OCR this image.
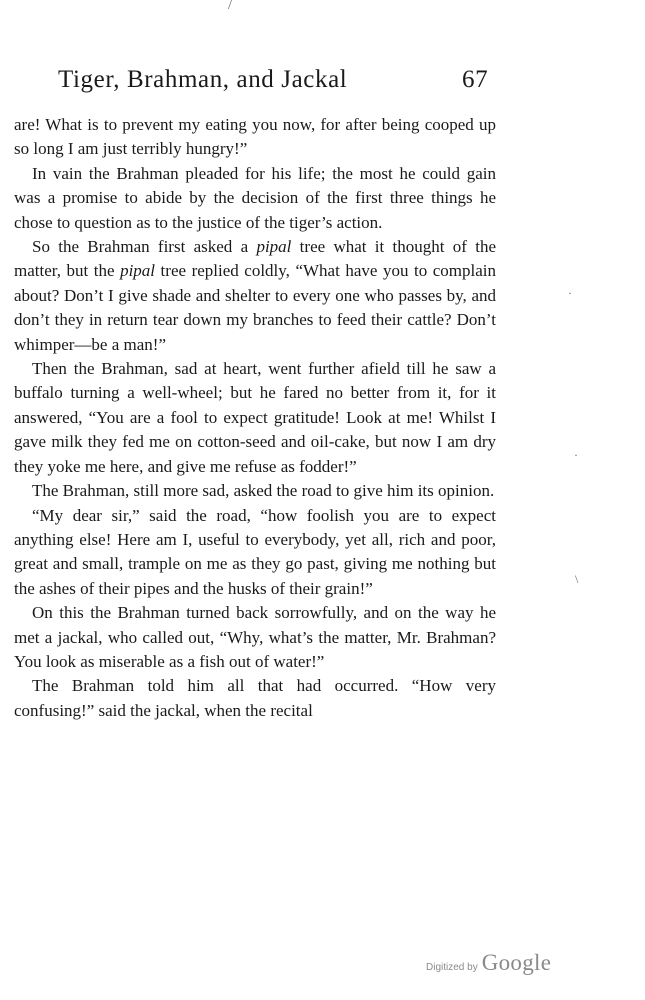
Tiger, Brahman, and Jackal	67

are! What is to prevent my eating you now, for after being cooped up so long I am just terribly hungry!”

In vain the Brahman pleaded for his life; the most he could gain was a promise to abide by the decision of the first three things he chose to question as to the justice of the tiger’s action.

So the Brahman first asked a pipal tree what it thought of the matter, but the pipal tree replied coldly, “What have you to complain about? Don’t I give shade and shelter to every one who passes by, and don’t they in return tear down my branches to feed their cattle? Don’t whimper—be a man!”

Then the Brahman, sad at heart, went further afield till he saw a buffalo turning a well-wheel; but he fared no better from it, for it answered, “You are a fool to expect gratitude! Look at me! Whilst I gave milk they fed me on cotton-seed and oil-cake, but now I am dry they yoke me here, and give me refuse as fodder!”

The Brahman, still more sad, asked the road to give him its opinion.

“My dear sir,” said the road, “how foolish you are to expect anything else! Here am I, useful to everybody, yet all, rich and poor, great and small, trample on me as they go past, giving me nothing but the ashes of their pipes and the husks of their grain!”

On this the Brahman turned back sorrowfully, and on the way he met a jackal, who called out, “Why, what’s the matter, Mr. Brahman? You look as miserable as a fish out of water!”

The Brahman told him all that had occurred. “How very confusing!” said the jackal, when the recital

/
·
·
\
Digitized by Google
